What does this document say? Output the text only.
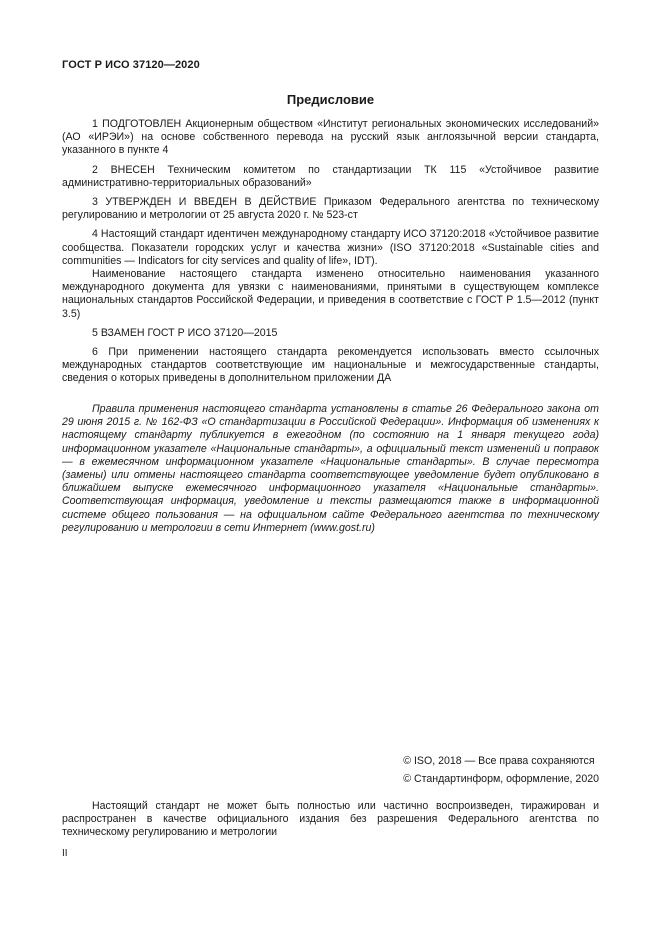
ГОСТ Р ИСО 37120—2020
Предисловие

1 ПОДГОТОВЛЕН Акционерным обществом «Институт региональных экономических исследований» (АО «ИРЭИ») на основе собственного перевода на русский язык англоязычной версии стандарта, указанного в пункте 4

2 ВНЕСЕН Техническим комитетом по стандартизации ТК 115 «Устойчивое развитие административно-территориальных образований»

3 УТВЕРЖДЕН И ВВЕДЕН В ДЕЙСТВИЕ Приказом Федерального агентства по техническому регулированию и метрологии от 25 августа 2020 г. № 523-ст

4 Настоящий стандарт идентичен международному стандарту ИСО 37120:2018 «Устойчивое развитие сообщества. Показатели городских услуг и качества жизни» (ISO 37120:2018 «Sustainable cities and communities — Indicators for city services and quality of life», IDT).

Наименование настоящего стандарта изменено относительно наименования указанного международного документа для увязки с наименованиями, принятыми в существующем комплексе национальных стандартов Российской Федерации, и приведения в соответствие с ГОСТ Р 1.5—2012 (пункт 3.5)

5 ВЗАМЕН ГОСТ Р ИСО 37120—2015

6 При применении настоящего стандарта рекомендуется использовать вместо ссылочных международных стандартов соответствующие им национальные и межгосударственные стандарты, сведения о которых приведены в дополнительном приложении ДА

Правила применения настоящего стандарта установлены в статье 26 Федерального закона от 29 июня 2015 г. № 162-ФЗ «О стандартизации в Российской Федерации». Информация об изменениях к настоящему стандарту публикуется в ежегодном (по состоянию на 1 января текущего года) информационном указателе «Национальные стандарты», а официальный текст изменений и поправок — в ежемесячном информационном указателе «Национальные стандарты». В случае пересмотра (замены) или отмены настоящего стандарта соответствующее уведомление будет опубликовано в ближайшем выпуске ежемесячного информационного указателя «Национальные стандарты». Соответствующая информация, уведомление и тексты размещаются также в информационной системе общего пользования — на официальном сайте Федерального агентства по техническому регулированию и метрологии в сети Интернет (www.gost.ru)

© ISO, 2018 — Все права сохраняются
© Стандартинформ, оформление, 2020

Настоящий стандарт не может быть полностью или частично воспроизведен, тиражирован и распространен в качестве официального издания без разрешения Федерального агентства по техническому регулированию и метрологии

II
